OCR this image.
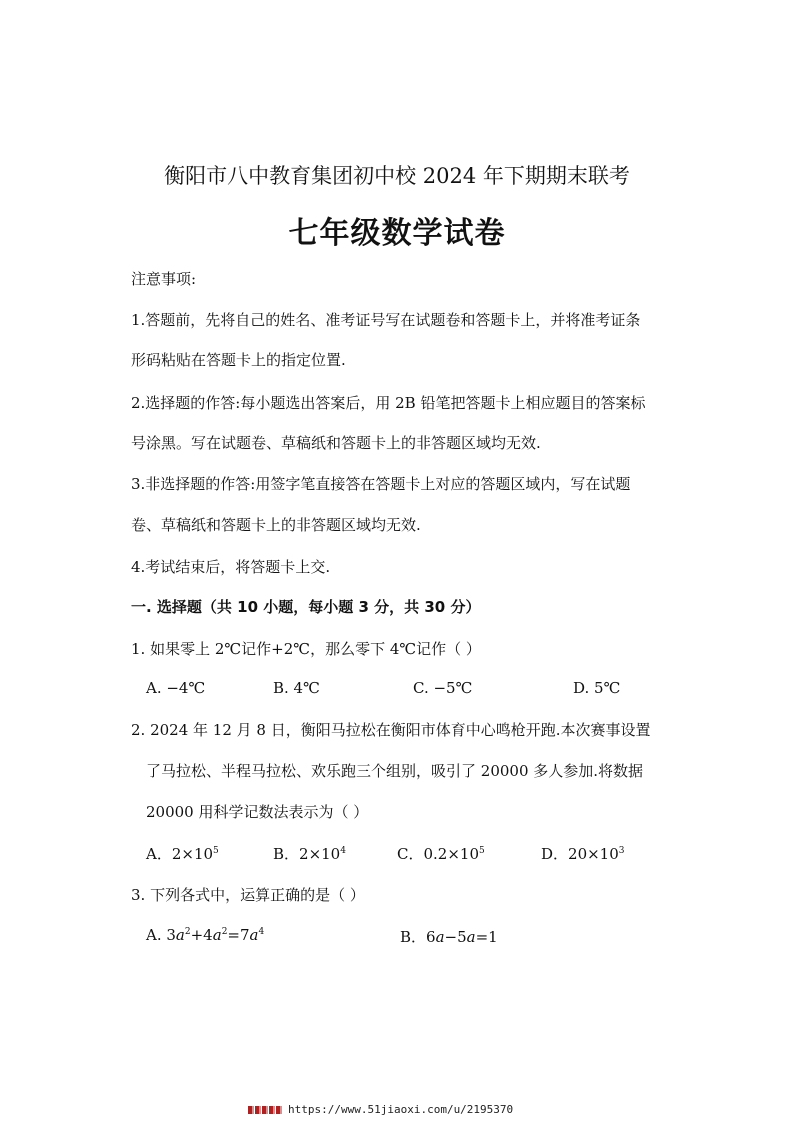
衡阳市八中教育集团初中校 2024 年下期期末联考
七年级数学试卷
注意事项:
1.答题前，先将自己的姓名、准考证号写在试题卷和答题卡上，并将准考证条
形码粘贴在答题卡上的指定位置.
2.选择题的作答:每小题选出答案后，用 2B 铅笔把答题卡上相应题目的答案标
号涂黑。写在试题卷、草稿纸和答题卡上的非答题区域均无效.
3.非选择题的作答:用签字笔直接答在答题卡上对应的答题区域内，写在试题
卷、草稿纸和答题卡上的非答题区域均无效.
4.考试结束后，将答题卡上交.
一. 选择题（共 10 小题，每小题 3 分，共 30 分）
1. 如果零上 2℃记作+2℃，那么零下 4℃记作（ ）
A. −4℃	B. 4℃	C. −5℃	D. 5℃
2. 2024 年 12 月 8 日，衡阳马拉松在衡阳市体育中心鸣枪开跑.本次赛事设置
了马拉松、半程马拉松、欢乐跑三个组别，吸引了 20000 多人参加.将数据
20000 用科学记数法表示为（ ）
A．$2\times 10^5$	B．$2\times 10^4$	C．$0.2\times 10^5$	D．$20\times 10^3$
3. 下列各式中，运算正确的是（ ）
A. $3a^2+4a^2=7a^4$	B．6a−5a=1
https://www.51jiaoxi.com/u/2195370
